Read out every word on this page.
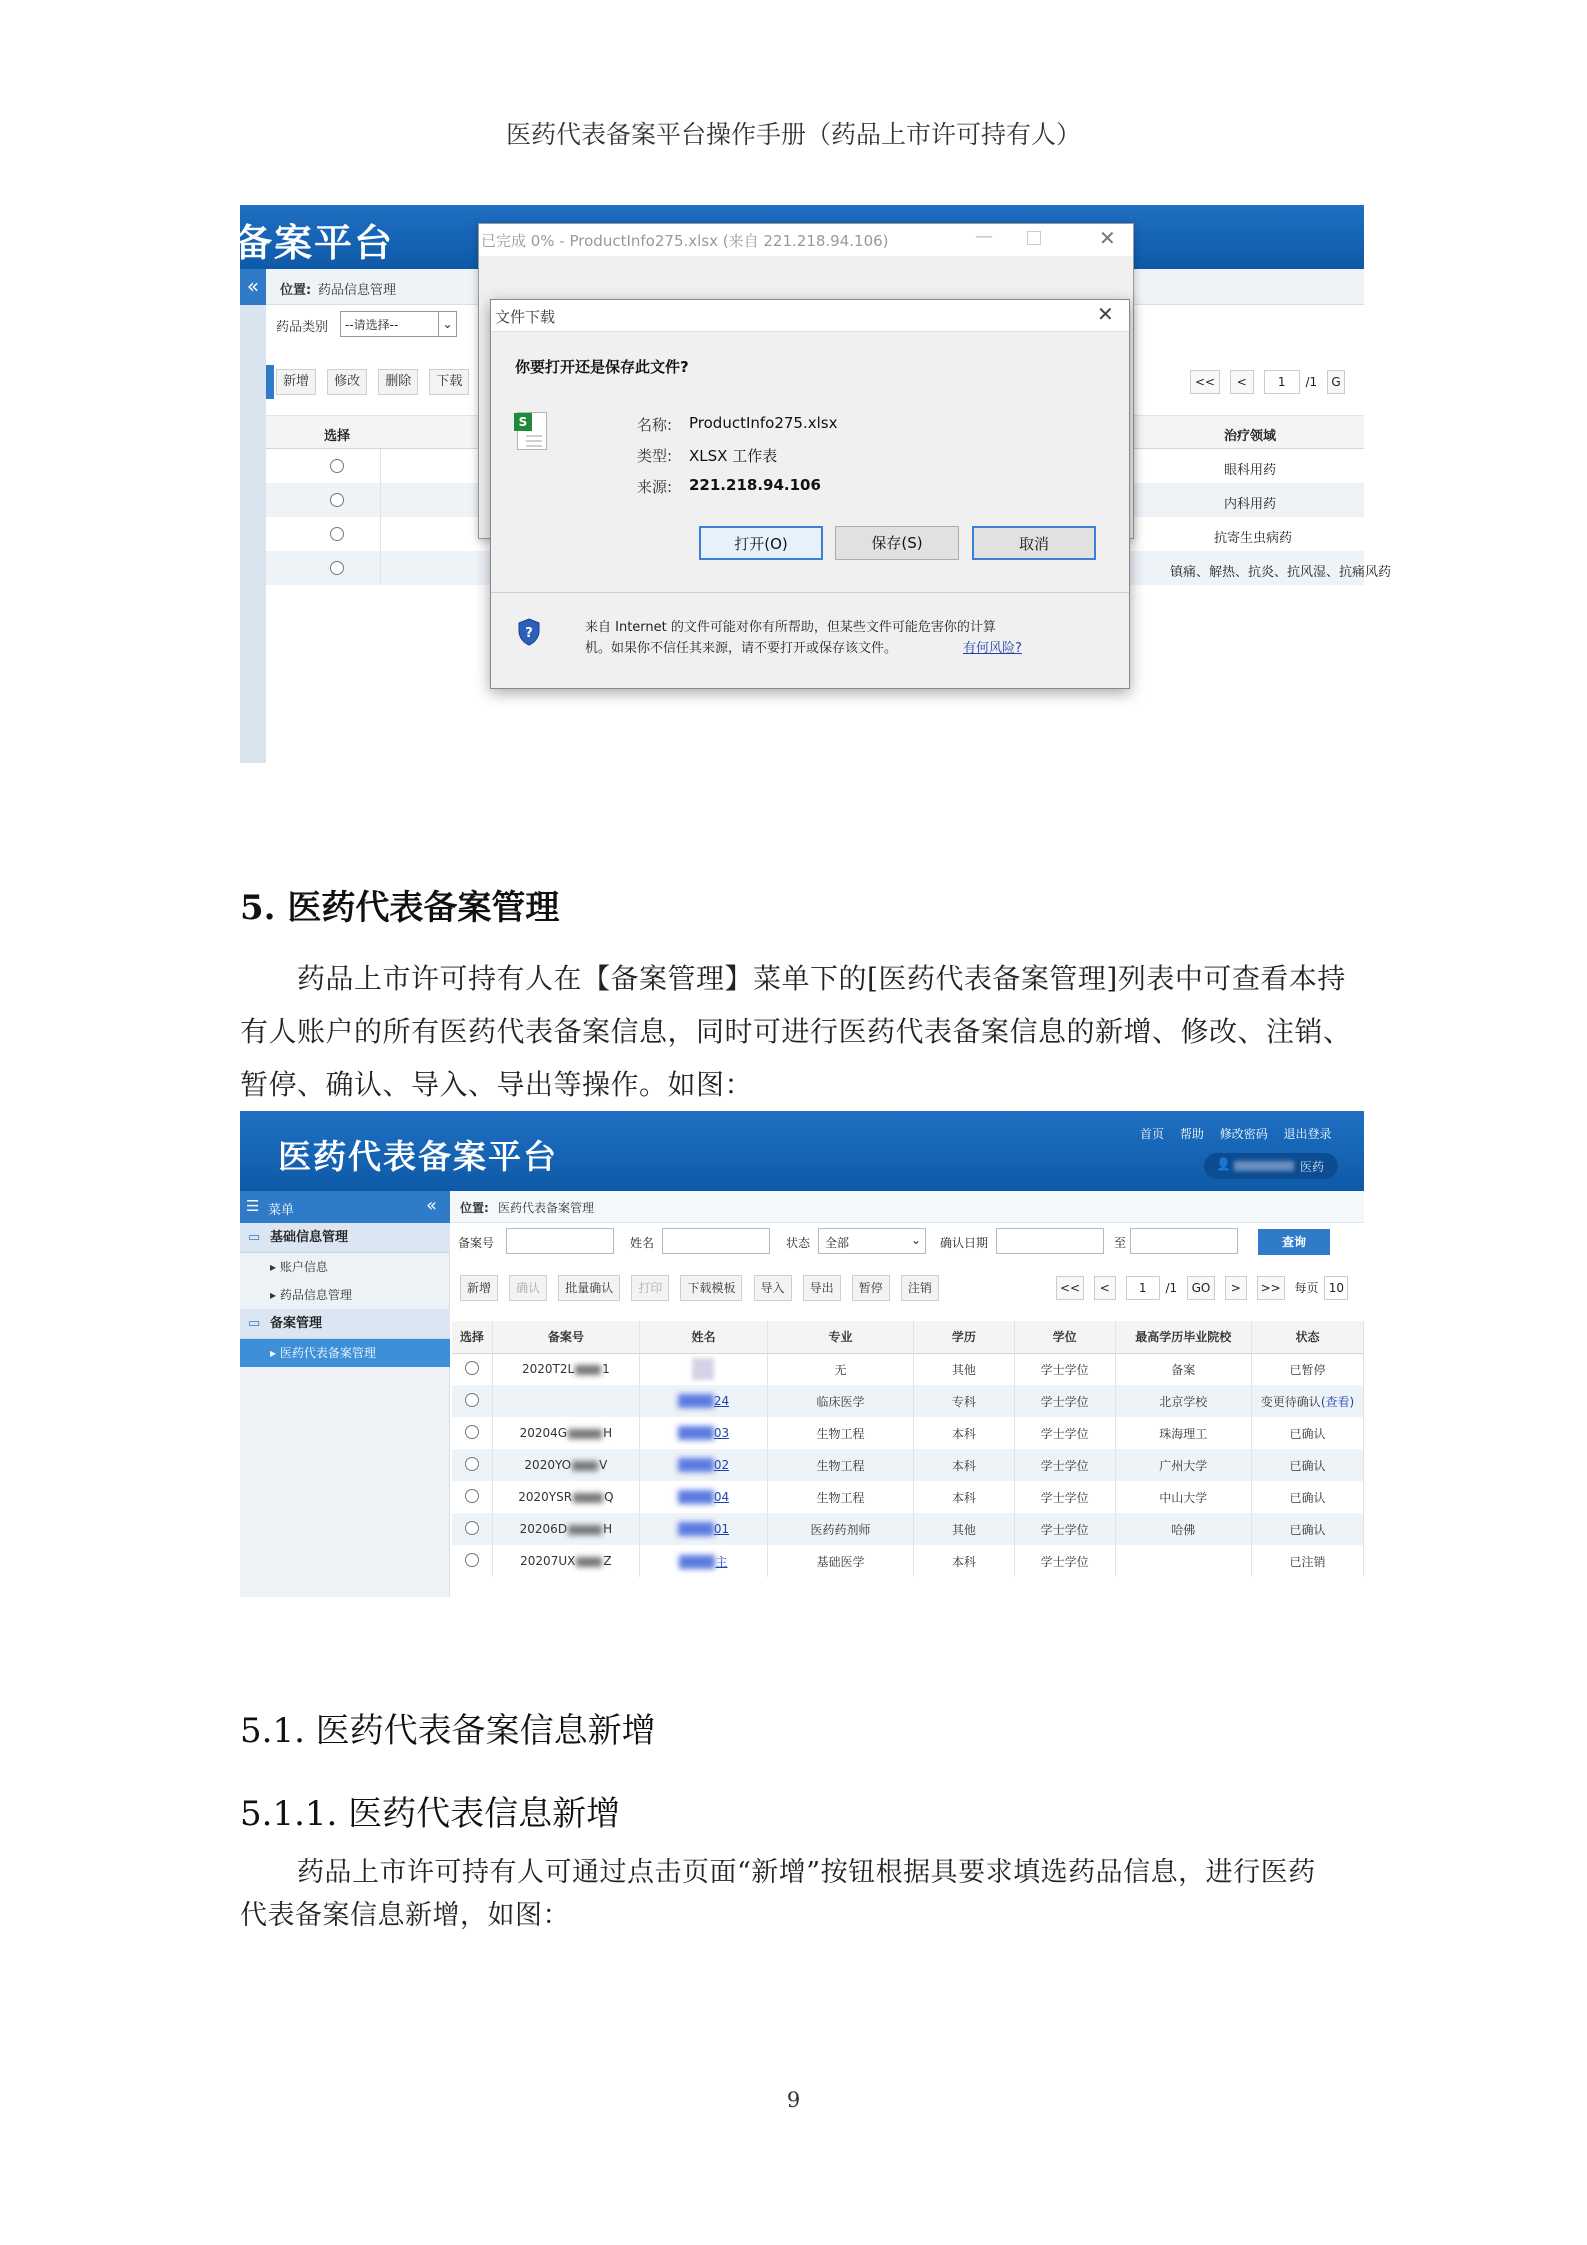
医药代表备案平台操作手册（药品上市许可持有人）
备案平台
«	位置: 药品信息管理
药品类别 --请选择--	⌄
新增 修改 删除 下载	<< <	1 /1 G
选择	治疗领域
眼科用药
内科用药
抗寄生虫病药
镇痛、解热、抗炎、抗风湿、抗痛风药
已完成 0% - ProductInfo275.xlsx (来自 221.218.94.106)	—	✕
文件下载	✕
你要打开还是保存此文件?
S	名称: ProductInfo275.xlsx
类型: XLSX 工作表
来源: 221.218.94.106
打开(O)	保存(S)	取消
?	来自 Internet 的文件可能对你有所帮助，但某些文件可能危害你的计算
机。如果你不信任其来源，请不要打开或保存该文件。	有何风险?
5. 医药代表备案管理
药品上市许可持有人在【备案管理】菜单下的[医药代表备案管理]列表中可查看本持有人账户的所有医药代表备案信息，同时可进行医药代表备案信息的新增、修改、注销、暂停、确认、导入、导出等操作。如图：
医药代表备案平台
首页 帮助 修改密码 退出登录
👤	医药
☰ 菜单	«
▭ 基础信息管理
▸ 账户信息
▸ 药品信息管理
▭ 备案管理
▸ 医药代表备案管理
位置: 医药代表备案管理
备案号	姓名	状态 全部	⌄ 确认日期	至	查询
新增 确认 批量确认 打印 下载模板 导入 导出 暂停 注销	<< < 1 /1 GO > >> 每页 10
选择	备案号	姓名	专业	学历	学位	最高学历毕业院校	状态
	2020T2L 1		无	其他	学士学位	备案	已暂停
		24	临床医学	专科	学士学位	北京学校	变更待确认(查看)
	20204G H	03	生物工程	本科	学士学位	珠海理工	已确认
	2020YO V	02	生物工程	本科	学士学位	广州大学	已确认
	2020YSR Q	04	生物工程	本科	学士学位	中山大学	已确认
	20206D H	01	医药药剂师	其他	学士学位	哈佛	已确认
	20207UX Z	主	基础医学	本科	学士学位		已注销
5.1. 医药代表备案信息新增
5.1.1. 医药代表信息新增
药品上市许可持有人可通过点击页面“新增”按钮根据具要求填选药品信息，进行医药
代表备案信息新增，如图：
9
